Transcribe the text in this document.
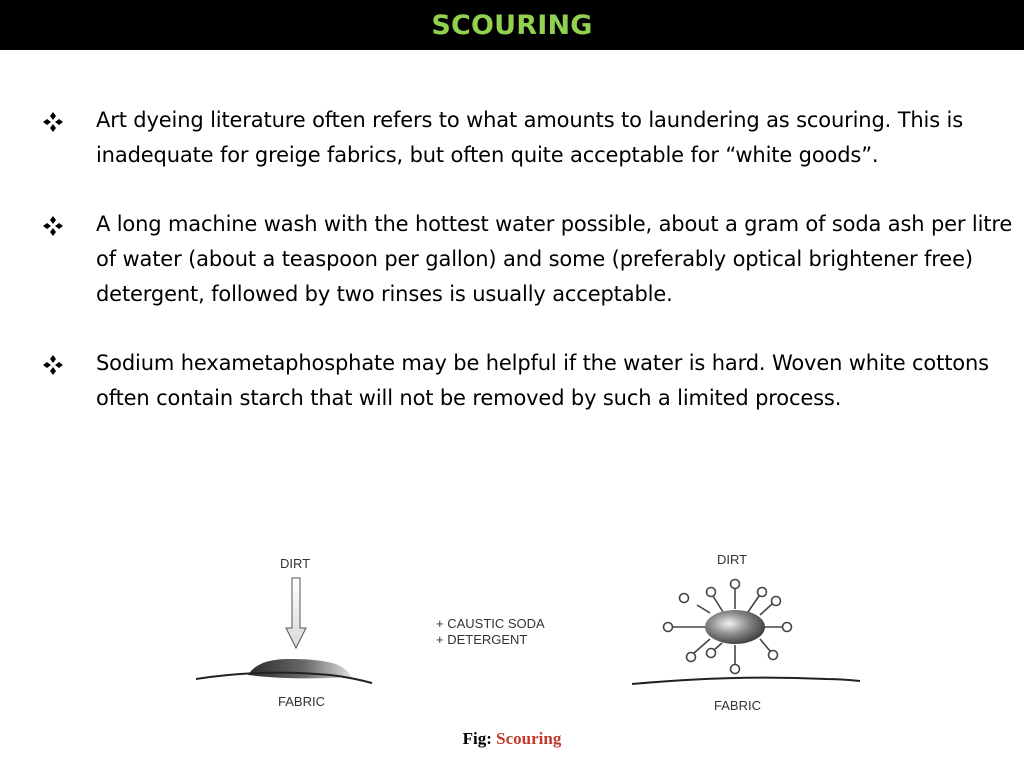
SCOURING
Art dyeing literature often refers to what amounts to laundering as scouring. This is inadequate for greige fabrics, but often quite acceptable for “white goods”.
A long machine wash with the hottest water possible, about a gram of soda ash per litre of water (about a teaspoon per gallon) and some (preferably optical brightener free) detergent, followed by two rinses is usually acceptable.
Sodium hexametaphosphate may be helpful if the water is hard. Woven white cottons often contain starch that will not be removed by such a limited process.
DIRT
FABRIC
+ CAUSTIC SODA
+ DETERGENT
DIRT
FABRIC
Fig: Scouring
